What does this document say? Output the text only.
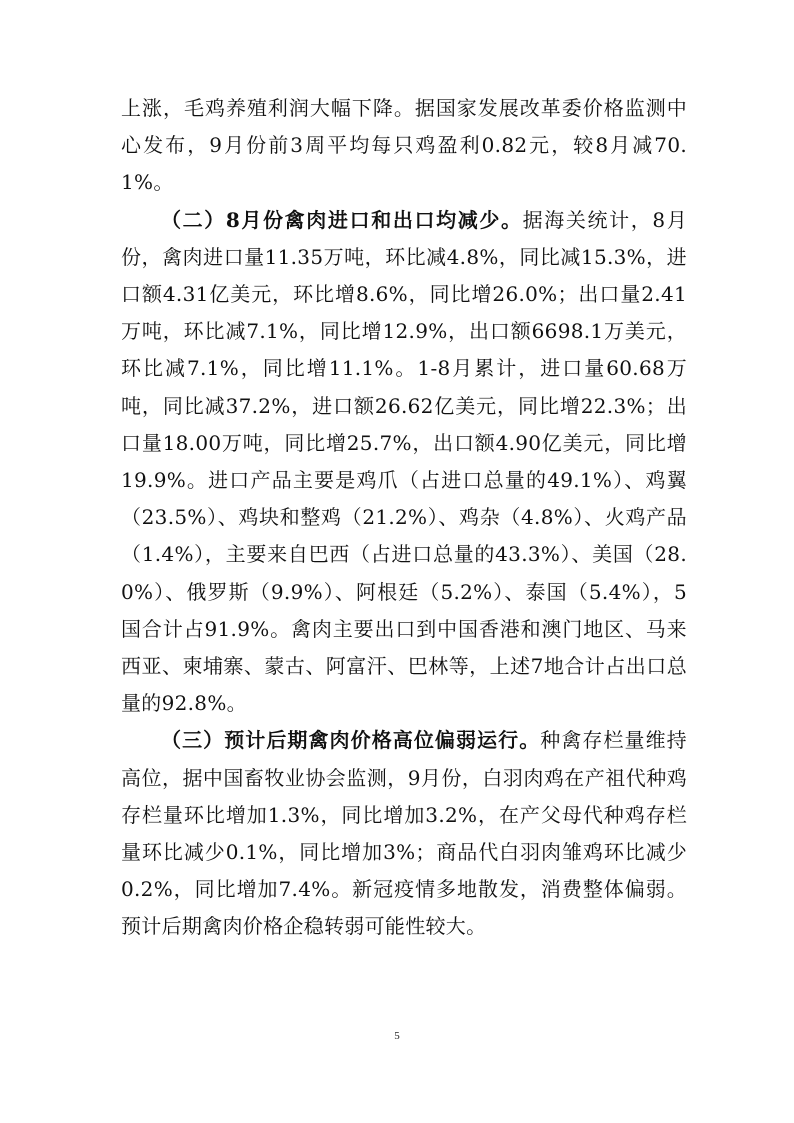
上涨，毛鸡养殖利润大幅下降。据国家发展改革委价格监测中心发布，9月份前3周平均每只鸡盈利0.82元，较8月减70.1%。

（二）8月份禽肉进口和出口均减少。据海关统计，8月份，禽肉进口量11.35万吨，环比减4.8%，同比减15.3%，进口额4.31亿美元，环比增8.6%，同比增26.0%；出口量2.41万吨，环比减7.1%，同比增12.9%，出口额6698.1万美元，环比减7.1%，同比增11.1%。1-8月累计，进口量60.68万吨，同比减37.2%，进口额26.62亿美元，同比增22.3%；出口量18.00万吨，同比增25.7%，出口额4.90亿美元，同比增19.9%。进口产品主要是鸡爪（占进口总量的49.1%）、鸡翼（23.5%）、鸡块和整鸡（21.2%）、鸡杂（4.8%）、火鸡产品（1.4%），主要来自巴西（占进口总量的43.3%）、美国（28.0%）、俄罗斯（9.9%）、阿根廷（5.2%）、泰国（5.4%），5国合计占91.9%。禽肉主要出口到中国香港和澳门地区、马来西亚、柬埔寨、蒙古、阿富汗、巴林等，上述7地合计占出口总量的92.8%。

（三）预计后期禽肉价格高位偏弱运行。种禽存栏量维持高位，据中国畜牧业协会监测，9月份，白羽肉鸡在产祖代种鸡存栏量环比增加1.3%，同比增加3.2%，在产父母代种鸡存栏量环比减少0.1%，同比增加3%；商品代白羽肉雏鸡环比减少0.2%，同比增加7.4%。新冠疫情多地散发，消费整体偏弱。预计后期禽肉价格企稳转弱可能性较大。

5
